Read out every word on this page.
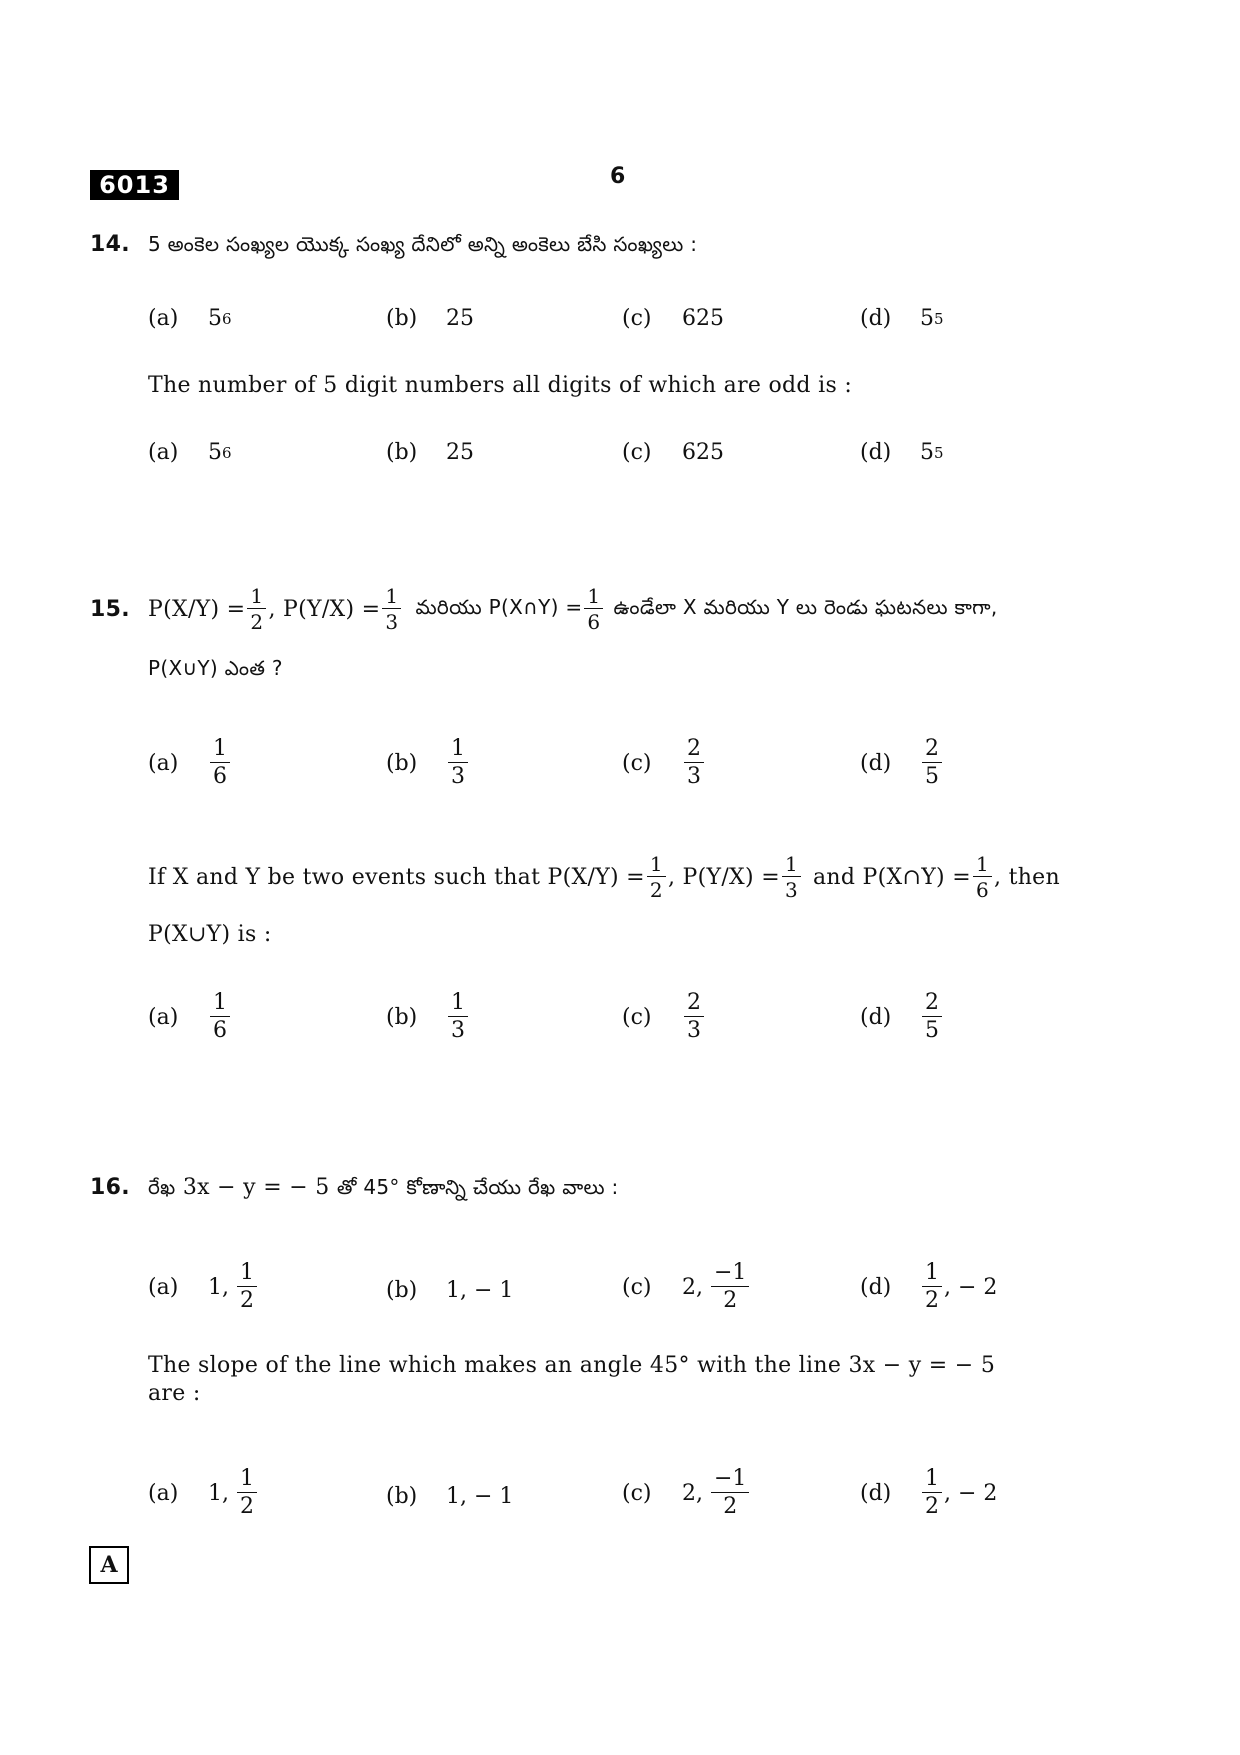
6013	6
14. 5 అంకెల సంఖ్యల యొక్క సంఖ్య దేనిలో అన్ని అంకెలు బేసి సంఖ్యలు :
(a)	5 6	(b)	25	(c)	625	(d)	5 5
The number of 5 digit numbers all digits of which are odd is :
(a)	5 6	(b)	25	(c)	625	(d)	5 5
15. $P(X/Y) = \frac{1}{2}$ , $P(Y/X) = \frac{1}{3}$ మరియు P(X∩Y) = $\frac{1}{6}$ ఉండేలా X మరియు Y లు రెండు ఘటనలు కాగా,
P(X∪Y) ఎంత ?
(a)	$\frac{1}{6}$	(b)	$\frac{1}{3}$	(c)	$\frac{2}{3}$	(d)	$\frac{2}{5}$
If X and Y be two events such that $P(X/Y) = \frac{1}{2}$ , $P(Y/X) = \frac{1}{3}$ and P(X∩Y) = $\frac{1}{6}$ , then
P(X∪Y) is :
(a)	$\frac{1}{6}$	(b)	$\frac{1}{3}$	(c)	$\frac{2}{3}$	(d)	$\frac{2}{5}$
16. రేఖ 3x − y = − 5 తో 45° కోణాన్ని చేయు రేఖ వాలు :
(a)	1, $\frac{1}{2}$	(b)	1, − 1	(c)	2, $\frac{-1}{2}$	(d)	$\frac{1}{2}$ , − 2
The slope of the line which makes an angle 45° with the line 3x − y = − 5
are :
(a)	1, $\frac{1}{2}$	(b)	1, − 1	(c)	2, $\frac{-1}{2}$	(d)	$\frac{1}{2}$ , − 2
A
